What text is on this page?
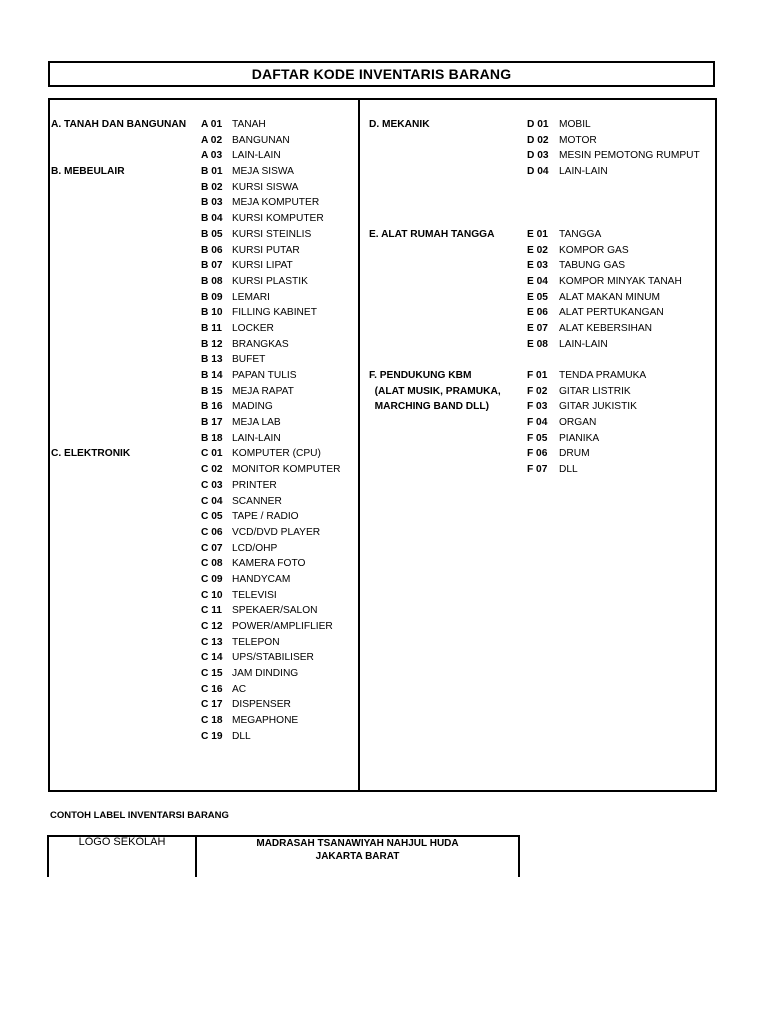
DAFTAR KODE INVENTARIS BARANG
A. TANAH DAN BANGUNAN A 01 TANAH
A 02 BANGUNAN
A 03 LAIN-LAIN
B. MEBEULAIR	B 01 MEJA SISWA
B 02 KURSI SISWA
B 03 MEJA KOMPUTER
B 04 KURSI KOMPUTER
B 05 KURSI STEINLIS
B 06 KURSI PUTAR
B 07 KURSI LIPAT
B 08 KURSI PLASTIK
B 09 LEMARI
B 10 FILLING KABINET
B 11 LOCKER
B 12 BRANGKAS
B 13 BUFET
B 14 PAPAN TULIS
B 15 MEJA RAPAT
B 16 MADING
B 17 MEJA LAB
B 18 LAIN-LAIN
C. ELEKTRONIK	C 01 KOMPUTER (CPU)
C 02 MONITOR KOMPUTER
C 03 PRINTER
C 04 SCANNER
C 05 TAPE / RADIO
C 06 VCD/DVD PLAYER
C 07 LCD/OHP
C 08 KAMERA FOTO
C 09 HANDYCAM
C 10 TELEVISI
C 11 SPEKAER/SALON
C 12 POWER/AMPLIFLIER
C 13 TELEPON
C 14 UPS/STABILISER
C 15 JAM DINDING
C 16 AC
C 17 DISPENSER
C 18 MEGAPHONE
C 19 DLL
D. MEKANIK	D 01 MOBIL
D 02 MOTOR
D 03 MESIN PEMOTONG RUMPUT
D 04 LAIN-LAIN
E. ALAT RUMAH TANGGA	E 01 TANGGA
E 02 KOMPOR GAS
E 03 TABUNG GAS
E 04 KOMPOR MINYAK TANAH
E 05 ALAT MAKAN MINUM
E 06 ALAT PERTUKANGAN
E 07 ALAT KEBERSIHAN
E 08 LAIN-LAIN
F. PENDUKUNG KBM	F 01 TENDA PRAMUKA
(ALAT MUSIK, PRAMUKA,	F 02 GITAR LISTRIK
MARCHING BAND DLL)	F 03 GITAR JUKISTIK
F 04 ORGAN
F 05 PIANIKA
F 06 DRUM
F 07 DLL
CONTOH LABEL INVENTARSI BARANG
LOGO SEKOLAH	MADRASAH TSANAWIYAH NAHJUL HUDA
JAKARTA BARAT
